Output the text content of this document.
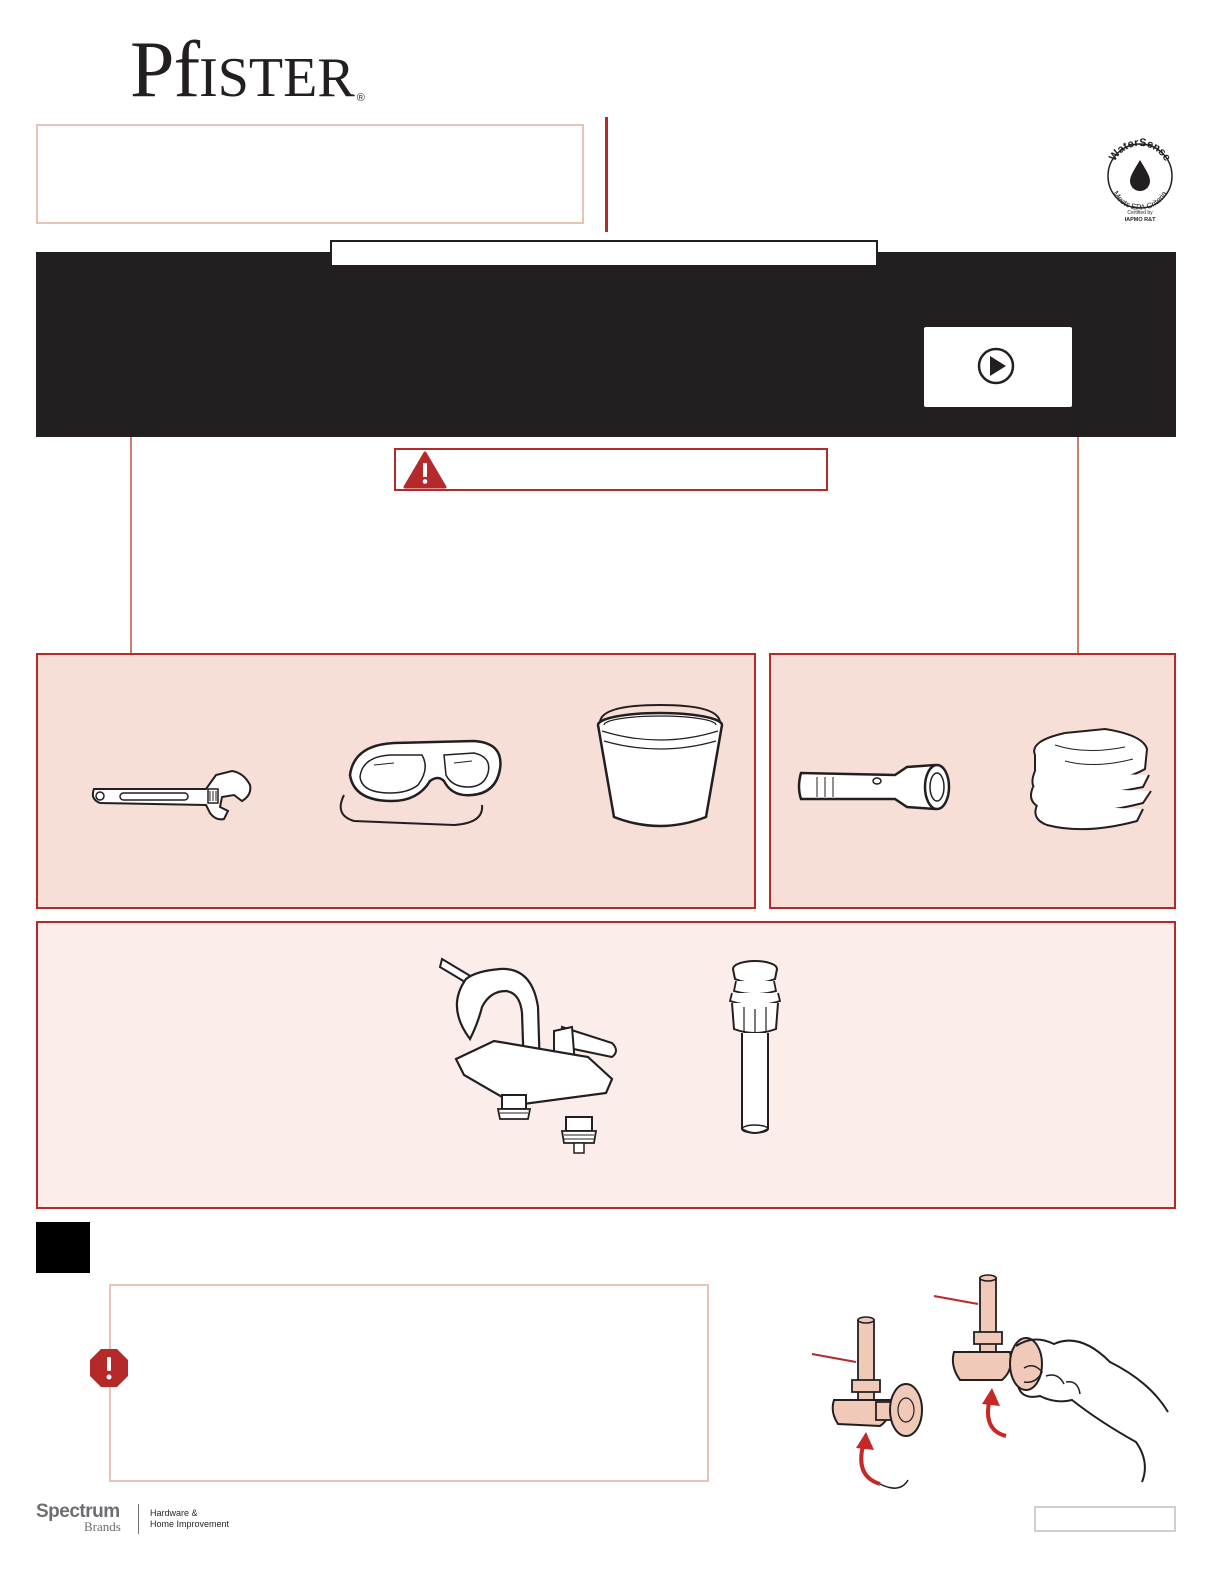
PfISTER ®
WaterSense
Meets EPA Criteria
Certified by
IAPMO R&T
Spectrum
Brands
Hardware &
Home Improvement
